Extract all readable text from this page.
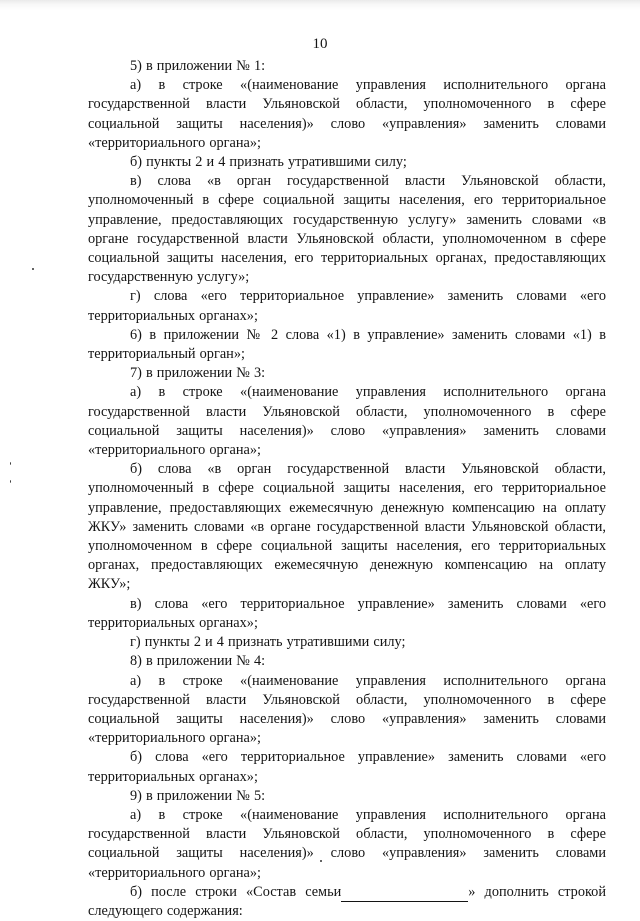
10

5) в приложении № 1:

а) в строке «(наименование управления исполнительного органа государственной власти Ульяновской области, уполномоченного в сфере социальной защиты населения)» слово «управления» заменить словами «территориального органа»;

б) пункты 2 и 4 признать утратившими силу;

в) слова «в орган государственной власти Ульяновской области, уполномоченный в сфере социальной защиты населения, его территориальное управление, предоставляющих государственную услугу» заменить словами «в органе государственной власти Ульяновской области, уполномоченном в сфере социальной защиты населения, его территориальных органах, предоставляющих государственную услугу»;

г) слова «его территориальное управление» заменить словами «его территориальных органах»;

6) в приложении № 2 слова «1) в управление» заменить словами «1) в территориальный орган»;

7) в приложении № 3:

а) в строке «(наименование управления исполнительного органа государственной власти Ульяновской области, уполномоченного в сфере социальной защиты населения)» слово «управления» заменить словами «территориального органа»;

б) слова «в орган государственной власти Ульяновской области, уполномоченный в сфере социальной защиты населения, его территориальное управление, предоставляющих ежемесячную денежную компенсацию на оплату ЖКУ» заменить словами «в органе государственной власти Ульяновской области, уполномоченном в сфере социальной защиты населения, его территориальных органах, предоставляющих ежемесячную денежную компенсацию на оплату ЖКУ»;

в) слова «его территориальное управление» заменить словами «его территориальных органах»;

г) пункты 2 и 4 признать утратившими силу;

8) в приложении № 4:

а) в строке «(наименование управления исполнительного органа государственной власти Ульяновской области, уполномоченного в сфере социальной защиты населения)» слово «управления» заменить словами «территориального органа»;

б) слова «его территориальное управление» заменить словами «его территориальных органах»;

9) в приложении № 5:

а) в строке «(наименование управления исполнительного органа государственной власти Ульяновской области, уполномоченного в сфере социальной защиты населения)» слово «управления» заменить словами «территориального органа»;

б) после строки «Состав семьи	» дополнить строкой следующего содержания:
